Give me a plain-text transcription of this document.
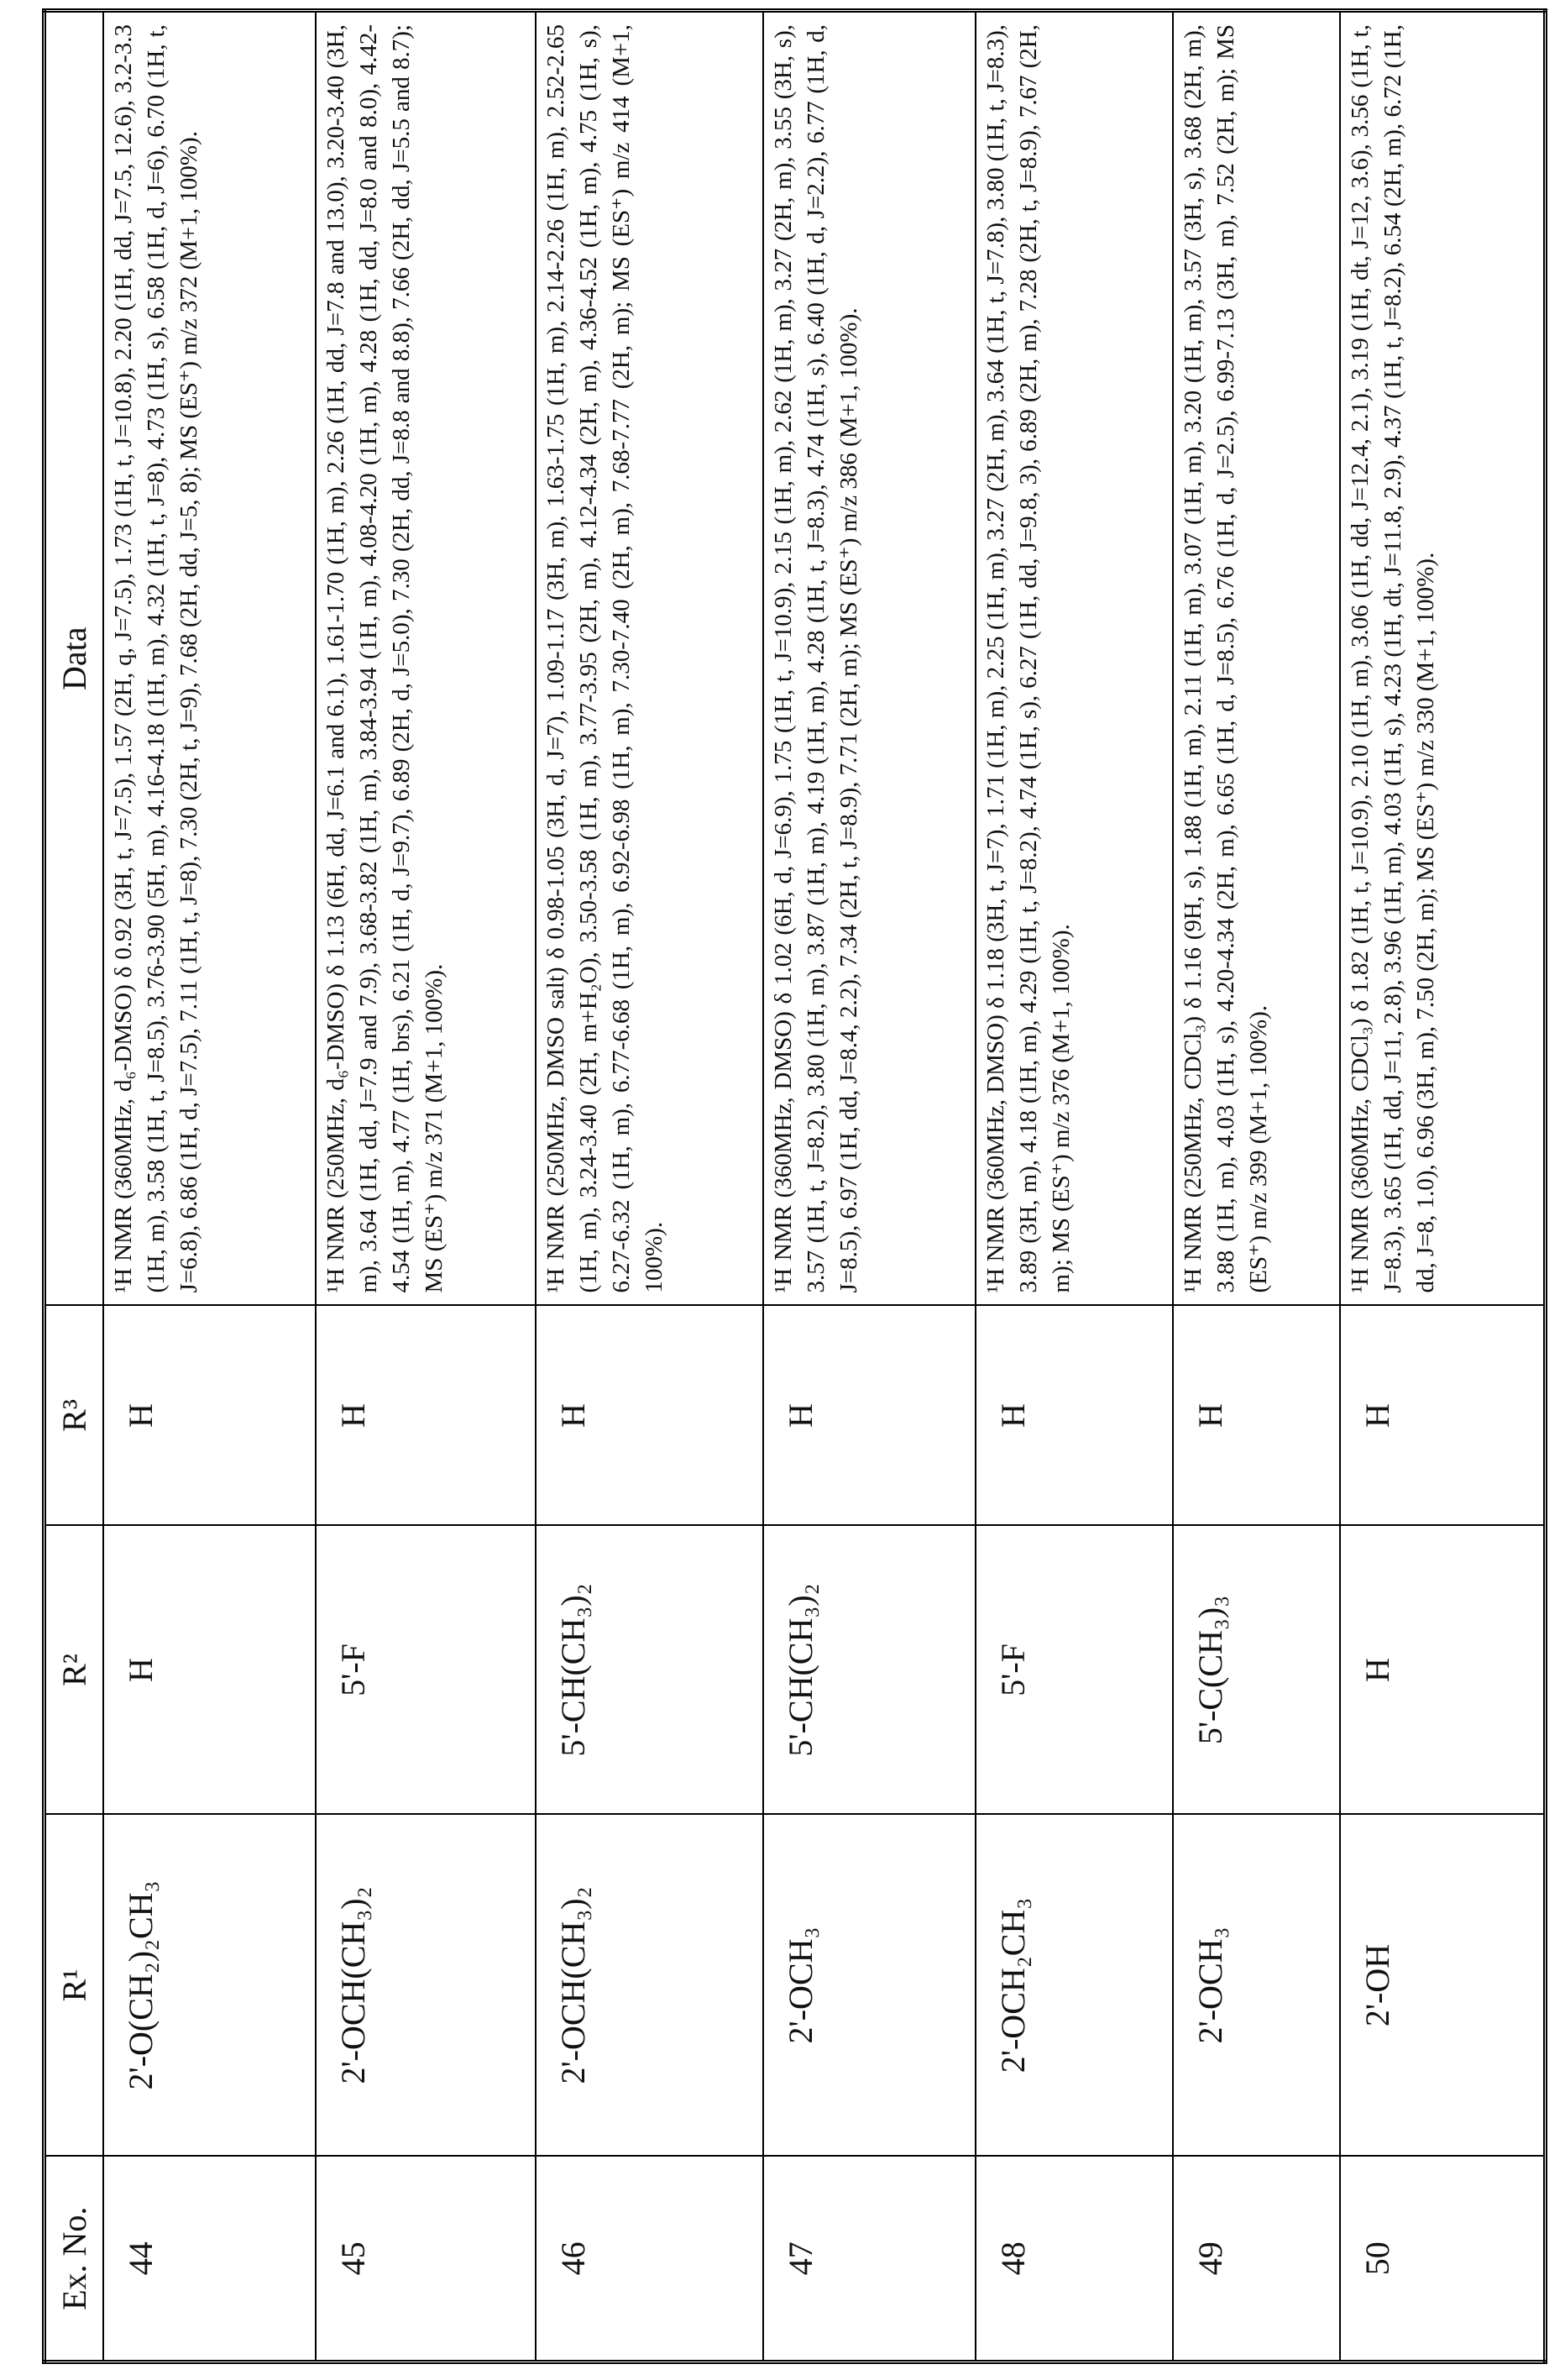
Ex. No.	R¹	R²	R³	Data
44	2'-O(CH₂)₂CH₃	H	H	¹H NMR (360MHz, d₆-DMSO) δ 0.92 (3H, t, J=7.5), 1.57 (2H, q, J=7.5), 1.73 (1H, t, J=10.8), 2.20 (1H, dd, J=7.5, 12.6), 3.2-3.3 (1H, m), 3.58 (1H, t, J=8.5), 3.76-3.90 (5H, m), 4.16-4.18 (1H, m), 4.32 (1H, t, J=8), 4.73 (1H, s), 6.58 (1H, d, J=6), 6.70 (1H, t, J=6.8), 6.86 (1H, d, J=7.5), 7.11 (1H, t, J=8), 7.30 (2H, t, J=9), 7.68 (2H, dd, J=5, 8); MS (ES⁺) m/z 372 (M+1, 100%).
45	2'-OCH(CH₃)₂	5'-F	H	¹H NMR (250MHz, d₆-DMSO) δ 1.13 (6H, dd, J=6.1 and 6.1), 1.61-1.70 (1H, m), 2.26 (1H, dd, J=7.8 and 13.0), 3.20-3.40 (3H, m), 3.64 (1H, dd, J=7.9 and 7.9), 3.68-3.82 (1H, m), 3.84-3.94 (1H, m), 4.08-4.20 (1H, m), 4.28 (1H, dd, J=8.0 and 8.0), 4.42-4.54 (1H, m), 4.77 (1H, brs), 6.21 (1H, d, J=9.7), 6.89 (2H, d, J=5.0), 7.30 (2H, dd, J=8.8 and 8.8), 7.66 (2H, dd, J=5.5 and 8.7); MS (ES⁺) m/z 371 (M+1, 100%).
46	2'-OCH(CH₃)₂	5'-CH(CH₃)₂	H	¹H NMR (250MHz, DMSO salt) δ 0.98-1.05 (3H, d, J=7), 1.09-1.17 (3H, m), 1.63-1.75 (1H, m), 2.14-2.26 (1H, m), 2.52-2.65 (1H, m), 3.24-3.40 (2H, m+H₂O), 3.50-3.58 (1H, m), 3.77-3.95 (2H, m), 4.12-4.34 (2H, m), 4.36-4.52 (1H, m), 4.75 (1H, s), 6.27-6.32 (1H, m), 6.77-6.68 (1H, m), 6.92-6.98 (1H, m), 7.30-7.40 (2H, m), 7.68-7.77 (2H, m); MS (ES⁺) m/z 414 (M+1, 100%).
47	2'-OCH₃	5'-CH(CH₃)₂	H	¹H NMR (360MHz, DMSO) δ 1.02 (6H, d, J=6.9), 1.75 (1H, t, J=10.9), 2.15 (1H, m), 2.62 (1H, m), 3.27 (2H, m), 3.55 (3H, s), 3.57 (1H, t, J=8.2), 3.80 (1H, m), 3.87 (1H, m), 4.19 (1H, m), 4.28 (1H, t, J=8.3), 4.74 (1H, s), 6.40 (1H, d, J=2.2), 6.77 (1H, d, J=8.5), 6.97 (1H, dd, J=8.4, 2.2), 7.34 (2H, t, J=8.9), 7.71 (2H, m); MS (ES⁺) m/z 386 (M+1, 100%).
48	2'-OCH₂CH₃	5'-F	H	¹H NMR (360MHz, DMSO) δ 1.18 (3H, t, J=7), 1.71 (1H, m), 2.25 (1H, m), 3.27 (2H, m), 3.64 (1H, t, J=7.8), 3.80 (1H, t, J=8.3), 3.89 (3H, m), 4.18 (1H, m), 4.29 (1H, t, J=8.2), 4.74 (1H, s), 6.27 (1H, dd, J=9.8, 3), 6.89 (2H, m), 7.28 (2H, t, J=8.9), 7.67 (2H, m); MS (ES⁺) m/z 376 (M+1, 100%).
49	2'-OCH₃	5'-C(CH₃)₃	H	¹H NMR (250MHz, CDCl₃) δ 1.16 (9H, s), 1.88 (1H, m), 2.11 (1H, m), 3.07 (1H, m), 3.20 (1H, m), 3.57 (3H, s), 3.68 (2H, m), 3.88 (1H, m), 4.03 (1H, s), 4.20-4.34 (2H, m), 6.65 (1H, d, J=8.5), 6.76 (1H, d, J=2.5), 6.99-7.13 (3H, m), 7.52 (2H, m); MS (ES⁺) m/z 399 (M+1, 100%).
50	2'-OH	H	H	¹H NMR (360MHz, CDCl₃) δ 1.82 (1H, t, J=10.9), 2.10 (1H, m), 3.06 (1H, dd, J=12.4, 2.1), 3.19 (1H, dt, J=12, 3.6), 3.56 (1H, t, J=8.3), 3.65 (1H, dd, J=11, 2.8), 3.96 (1H, m), 4.03 (1H, s), 4.23 (1H, dt, J=11.8, 2.9), 4.37 (1H, t, J=8.2), 6.54 (2H, m), 6.72 (1H, dd, J=8, 1.0), 6.96 (3H, m), 7.50 (2H, m); MS (ES⁺) m/z 330 (M+1, 100%).
